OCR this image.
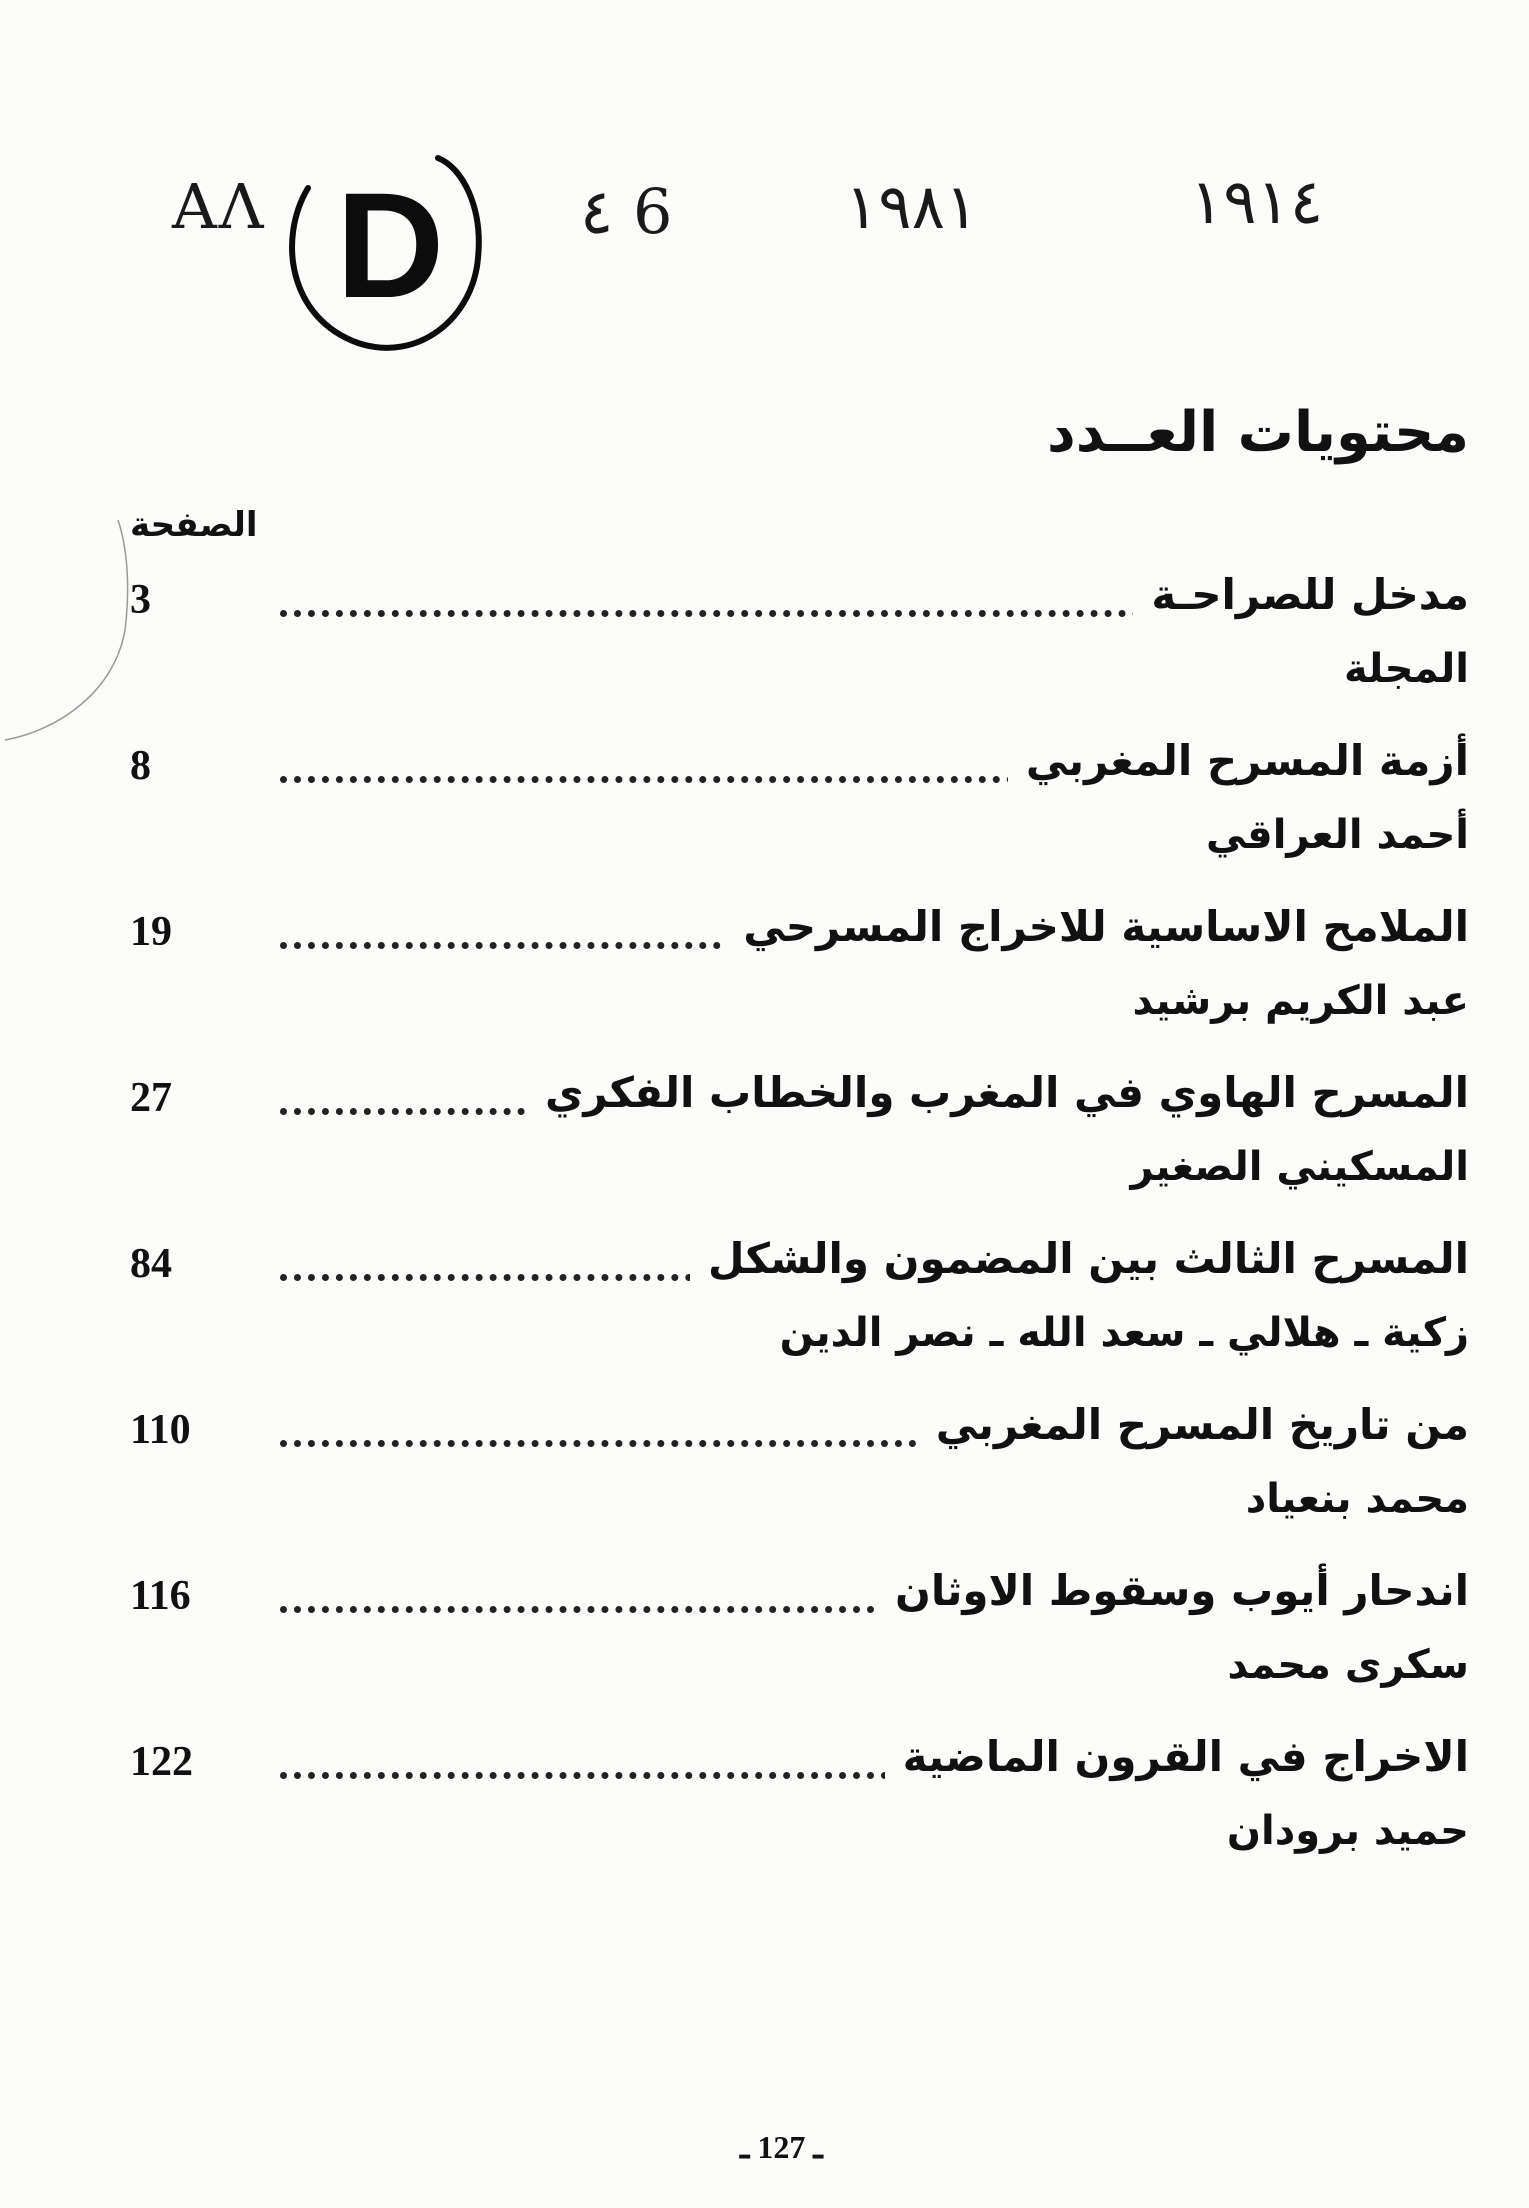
AΛ D ٤ 6	١٩٨١	١٩١٤
محتويات العــدد
الصفحة
3	مدخل للصراحـة
المجلة
8	أزمة المسرح المغربي
أحمد العراقي
19	الملامح الاساسية للاخراج المسرحي
عبد الكريم برشيد
27	المسرح الهاوي في المغرب والخطاب الفكري
المسكيني الصغير
84	المسرح الثالث بين المضمون والشكل
زكية ـ هلالي ـ سعد الله ـ نصر الدين
110	من تاريخ المسرح المغربي
محمد بنعياد
116	اندحار أيوب وسقوط الاوثان
سكرى محمد
122	الاخراج في القرون الماضية
حميد برودان
ـ 127 ـ
